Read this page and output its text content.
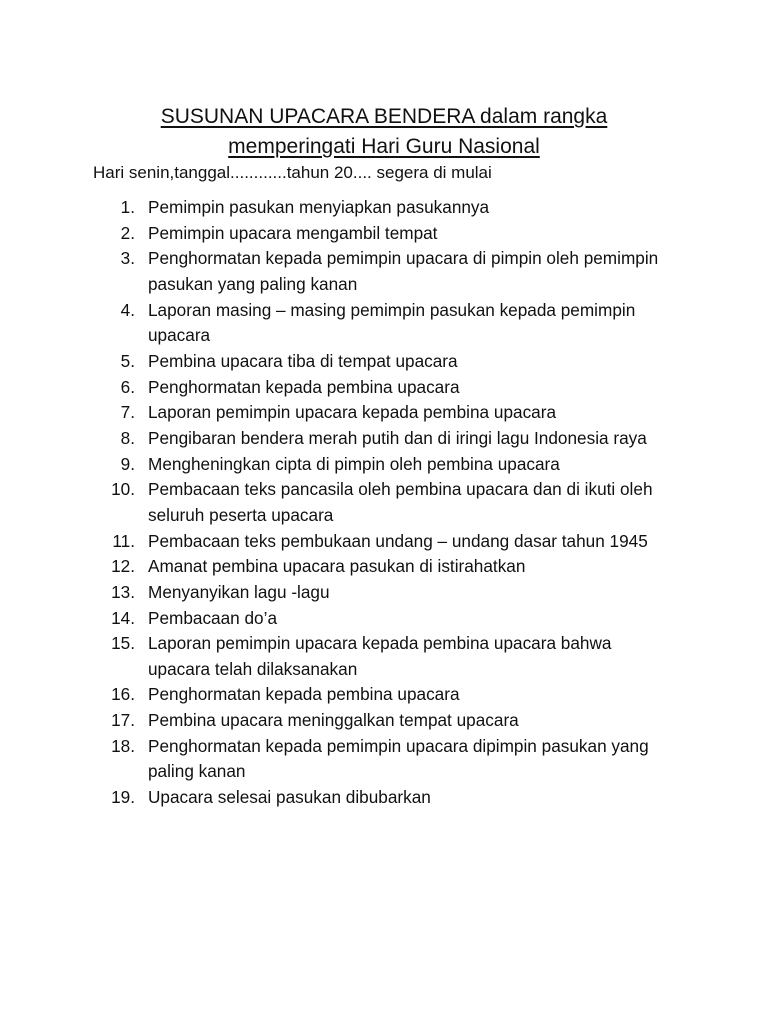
SUSUNAN UPACARA BENDERA dalam rangka
memperingati Hari Guru Nasional

Hari senin,tanggal............tahun 20.... segera di mulai

1. Pemimpin pasukan menyiapkan pasukannya
2. Pemimpin upacara mengambil tempat
3. Penghormatan kepada pemimpin upacara di pimpin oleh pemimpin pasukan yang paling kanan
4. Laporan masing – masing pemimpin pasukan kepada pemimpin upacara
5. Pembina upacara tiba di tempat upacara
6. Penghormatan kepada pembina upacara
7. Laporan pemimpin upacara kepada pembina upacara
8. Pengibaran bendera merah putih dan di iringi lagu Indonesia raya
9. Mengheningkan cipta di pimpin oleh pembina upacara
10. Pembacaan teks pancasila oleh pembina upacara dan di ikuti oleh seluruh peserta upacara
11. Pembacaan teks pembukaan undang – undang dasar tahun 1945
12. Amanat pembina upacara pasukan di istirahatkan
13. Menyanyikan lagu -lagu
14. Pembacaan do’a
15. Laporan pemimpin upacara kepada pembina upacara bahwa upacara telah dilaksanakan
16. Penghormatan kepada pembina upacara
17. Pembina upacara meninggalkan tempat upacara
18. Penghormatan kepada pemimpin upacara dipimpin pasukan yang paling kanan
19. Upacara selesai pasukan dibubarkan
